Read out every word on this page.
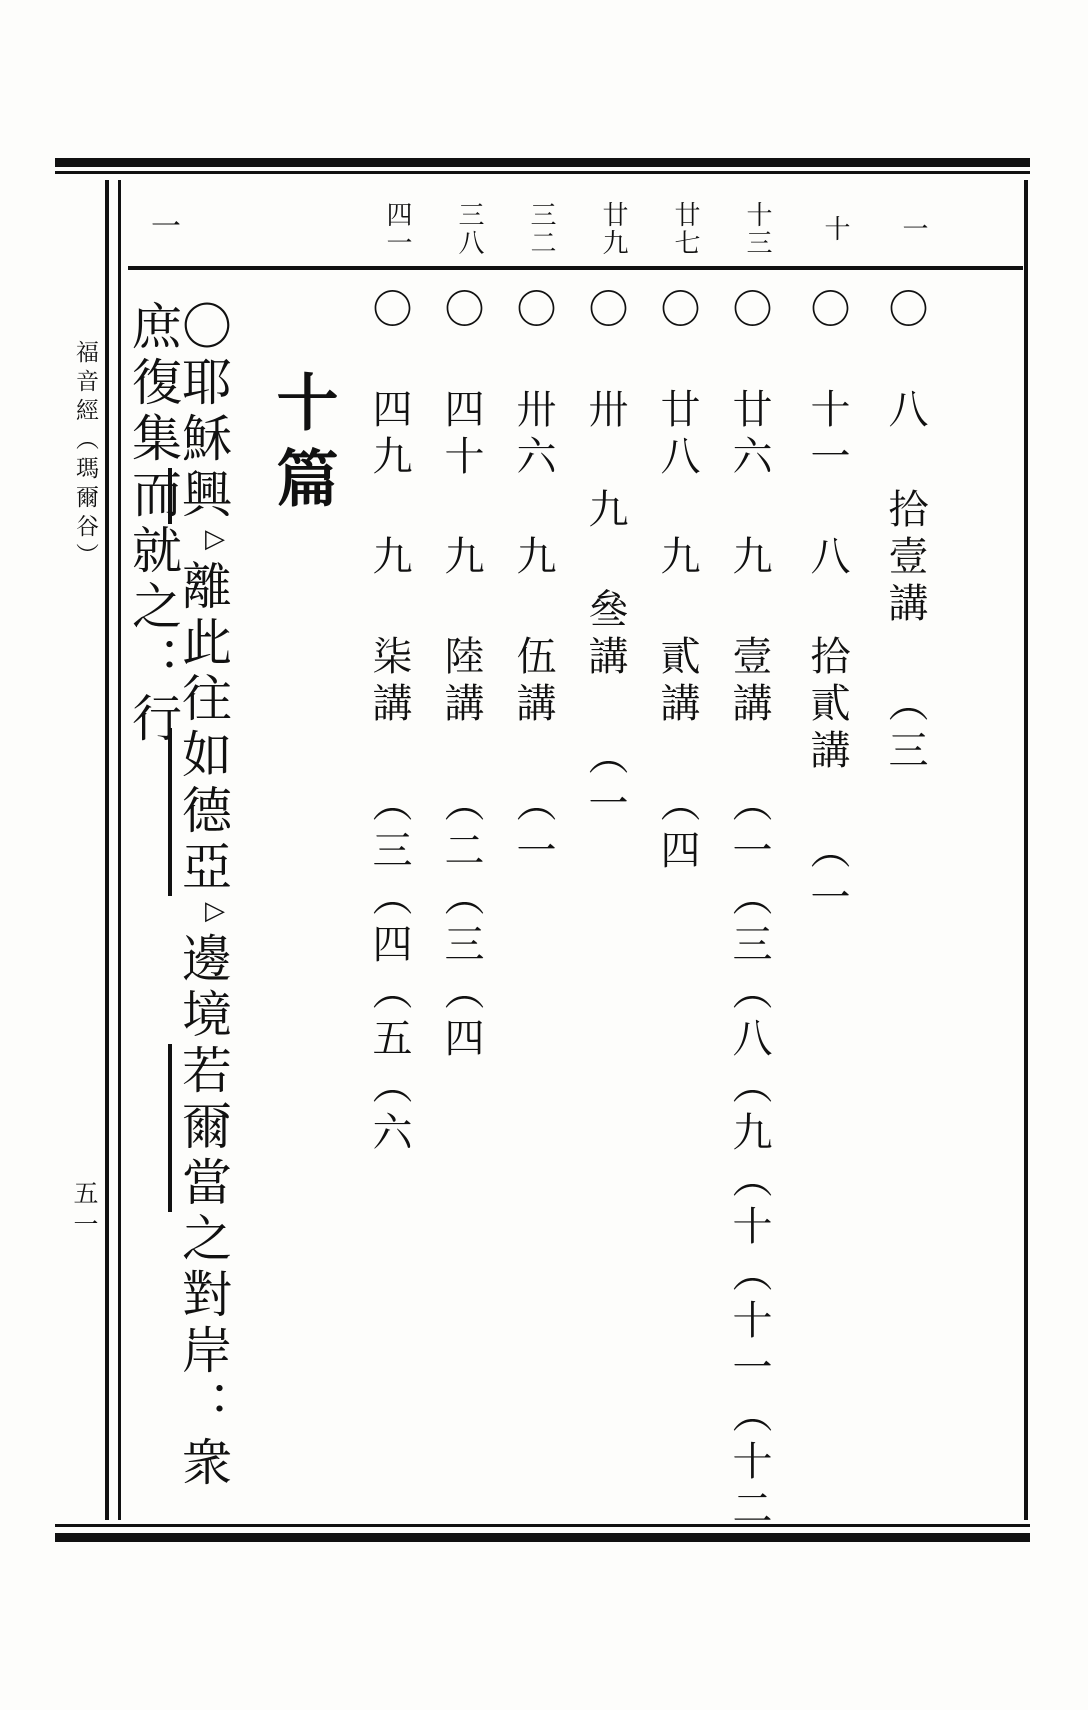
福音經（瑪爾谷）
五一
一
十篇
一
〇 八 拾壹講 （三
十
〇 十一 八 拾貳講 （一
十三
〇 廿六 九 壹講 （一（三（八（九（十（十一（十二
廿七
〇 廿八 九 貳講 （四
廿九
〇 卅 九 叄講 （一
三二
〇 卅六 九 伍講 （一
三八
〇 四十 九 陸講 （二（三（四
四一
〇 四九 九 柒講 （三（四（五（六
〇耶穌興▷離此往如德亞▷邊境若爾當之對岸：衆庶復集而就之：行
